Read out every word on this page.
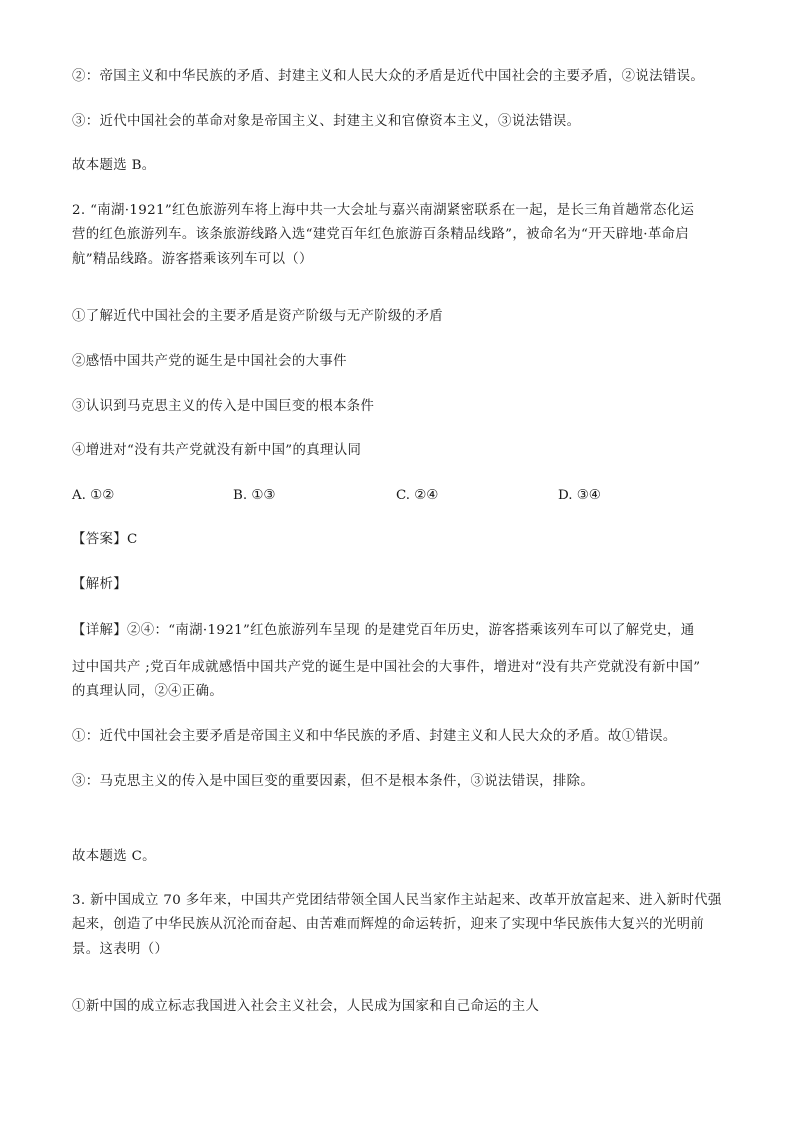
②：帝国主义和中华民族的矛盾、封建主义和人民大众的矛盾是近代中国社会的主要矛盾，②说法错误。
③：近代中国社会的革命对象是帝国主义、封建主义和官僚资本主义，③说法错误。
故本题选 B。
2. “南湖·1921”红色旅游列车将上海中共一大会址与嘉兴南湖紧密联系在一起，是长三角首趟常态化运
营的红色旅游列车。该条旅游线路入选“建党百年红色旅游百条精品线路”，被命名为“开天辟地·革命启
航”精品线路。游客搭乘该列车可以（）
①了解近代中国社会的主要矛盾是资产阶级与无产阶级的矛盾
②感悟中国共产党的诞生是中国社会的大事件
③认识到马克思主义的传入是中国巨变的根本条件
④增进对“没有共产党就没有新中国”的真理认同
A. ①②	B. ①③	C. ②④	D. ③④
【答案】C
【解析】
【详解】②④：“南湖·1921”红色旅游列车呈现 的是建党百年历史，游客搭乘该列车可以了解党史，通
过中国共产 ;党百年成就感悟中国共产党的诞生是中国社会的大事件，增进对“没有共产党就没有新中国”
的真理认同，②④正确。
①：近代中国社会主要矛盾是帝国主义和中华民族的矛盾、封建主义和人民大众的矛盾。故①错误。
③：马克思主义的传入是中国巨变的重要因素，但不是根本条件，③说法错误，排除。
故本题选 C。
3. 新中国成立 70 多年来，中国共产党团结带领全国人民当家作主站起来、改革开放富起来、进入新时代强
起来，创造了中华民族从沉沦而奋起、由苦难而辉煌的命运转折，迎来了实现中华民族伟大复兴的光明前
景。这表明（）
①新中国的成立标志我国进入社会主义社会，人民成为国家和自己命运的主人
